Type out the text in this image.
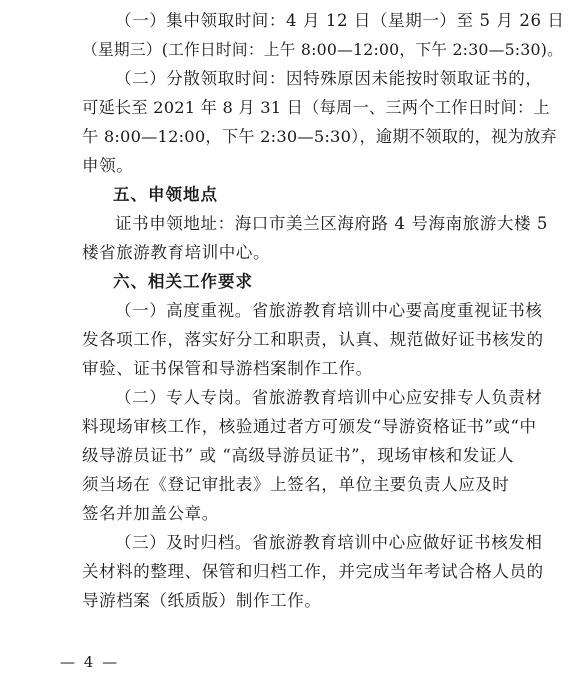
（一）集中领取时间：4 月 12 日（星期一）至 5 月 26 日
（星期三）(工作日时间：上午 8:00—12:00，下午 2:30—5:30)。
（二）分散领取时间：因特殊原因未能按时领取证书的，
可延长至 2021 年 8 月 31 日（每周一、三两个工作日时间：上
午 8:00—12:00，下午 2:30—5:30），逾期不领取的，视为放弃
申领。
五、申领地点
证书申领地址：海口市美兰区海府路 4 号海南旅游大楼 5
楼省旅游教育培训中心。
六、相关工作要求
（一）高度重视。省旅游教育培训中心要高度重视证书核
发各项工作，落实好分工和职责，认真、规范做好证书核发的
审验、证书保管和导游档案制作工作。
（二）专人专岗。省旅游教育培训中心应安排专人负责材
料现场审核工作，核验通过者方可颁发“导游资格证书”或“中
级导游员证书” 或 “高级导游员证书”，现场审核和发证人
须当场在《登记审批表》上签名，单位主要负责人应及时
签名并加盖公章。
（三）及时归档。省旅游教育培训中心应做好证书核发相
关材料的整理、保管和归档工作，并完成当年考试合格人员的
导游档案（纸质版）制作工作。
— 4 —
